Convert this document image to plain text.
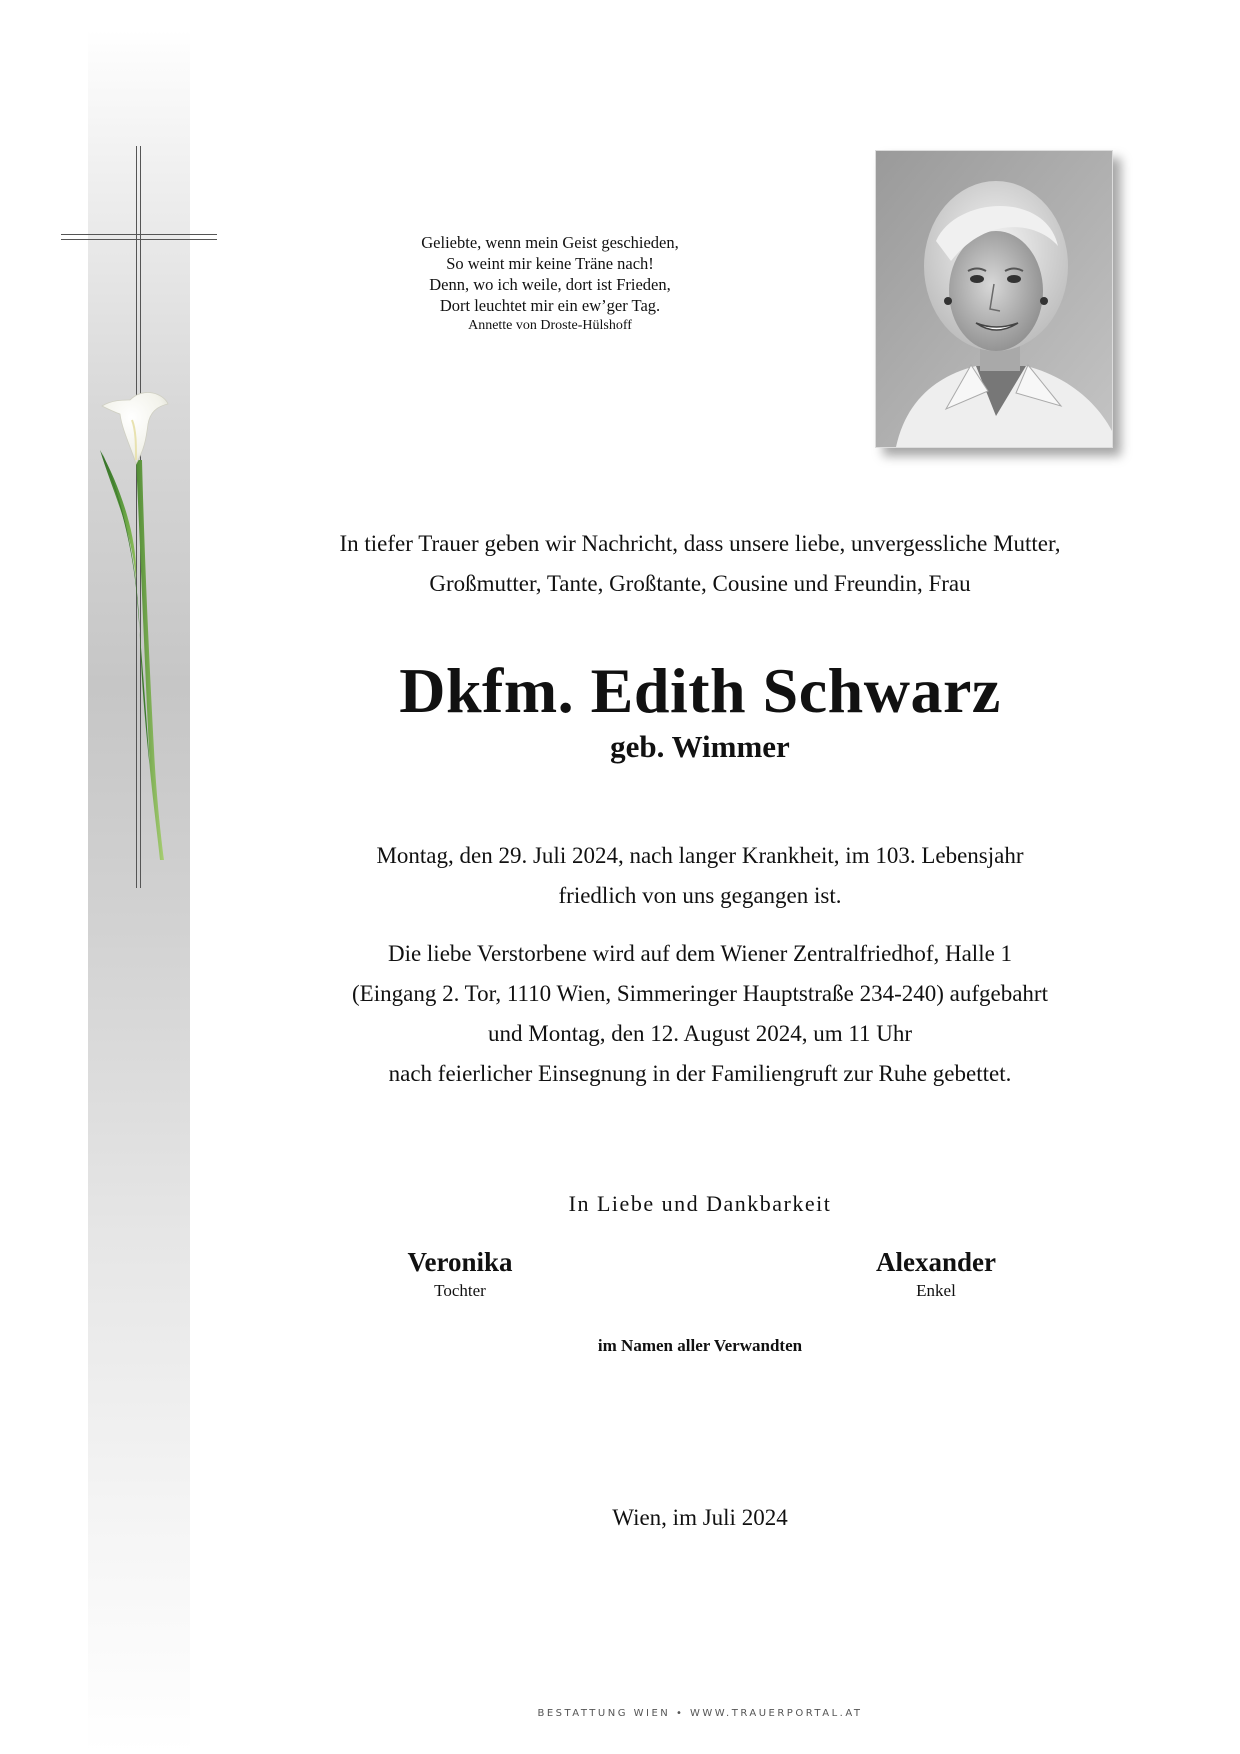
Geliebte, wenn mein Geist geschieden,
So weint mir keine Träne nach!
Denn, wo ich weile, dort ist Frieden,
Dort leuchtet mir ein ew’ger Tag.
Annette von Droste-Hülshoff
In tiefer Trauer geben wir Nachricht, dass unsere liebe, unvergessliche Mutter,
Großmutter, Tante, Großtante, Cousine und Freundin, Frau
Dkfm. Edith Schwarz
geb. Wimmer
Montag, den 29. Juli 2024, nach langer Krankheit, im 103. Lebensjahr
friedlich von uns gegangen ist.
Die liebe Verstorbene wird auf dem Wiener Zentralfriedhof, Halle 1
(Eingang 2. Tor, 1110 Wien, Simmeringer Hauptstraße 234-240) aufgebahrt
und Montag, den 12. August 2024, um 11 Uhr
nach feierlicher Einsegnung in der Familiengruft zur Ruhe gebettet.
In Liebe und Dankbarkeit
Veronika
Tochter
Alexander
Enkel
im Namen aller Verwandten
Wien, im Juli 2024
BESTATTUNG WIEN • WWW.TRAUERPORTAL.AT
